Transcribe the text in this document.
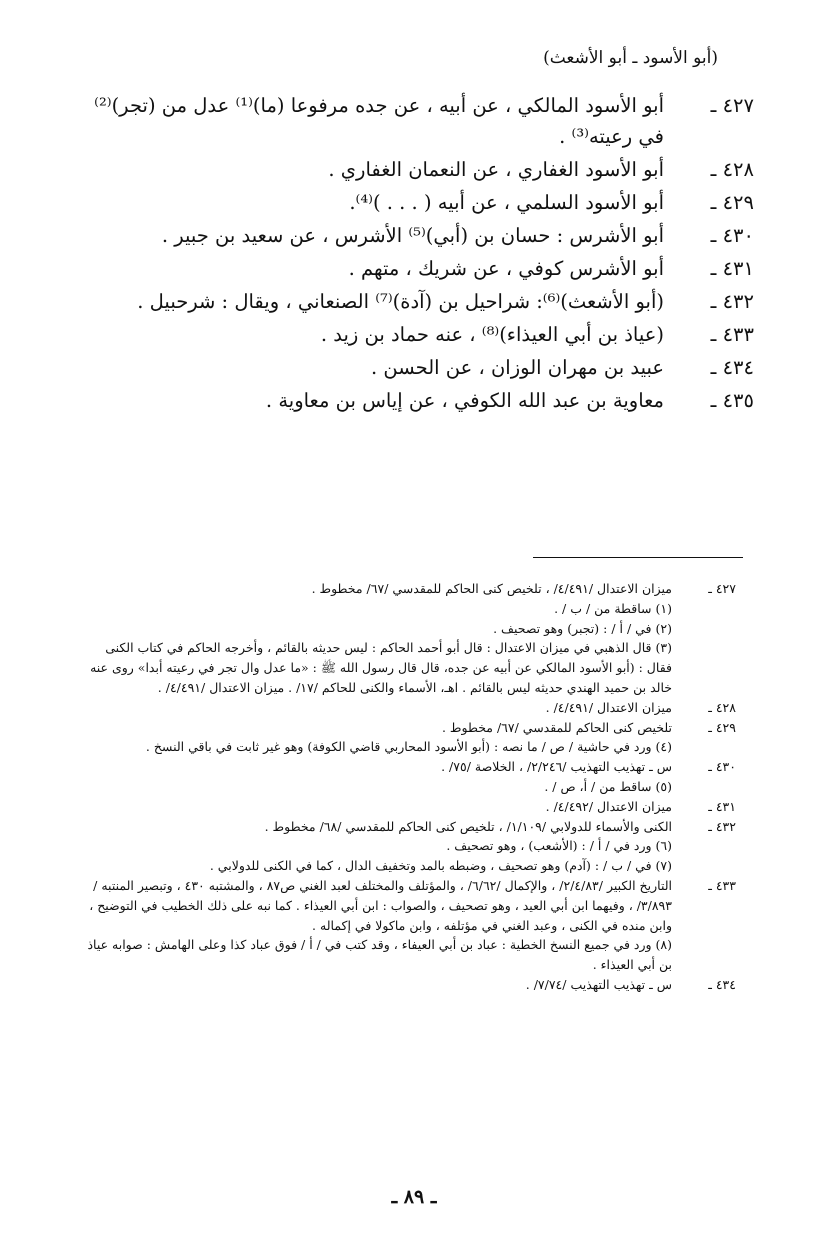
(أبو الأسود ـ أبو الأشعث)
٤٢٧ ـ
أبو الأسود المالكي ، عن أبيه ، عن جده مرفوعا (ما)⁽¹⁾ عدل من (تجر)⁽²⁾ في رعيته⁽³⁾ .
٤٢٨ ـ
أبو الأسود الغفاري ، عن النعمان الغفاري .
٤٢٩ ـ
أبو الأسود السلمي ، عن أبيه ( . . . )⁽⁴⁾.
٤٣٠ ـ
أبو الأشرس : حسان بن (أبي)⁽⁵⁾ الأشرس ، عن سعيد بن جبير .
٤٣١ ـ
أبو الأشرس كوفي ، عن شريك ، متهم .
٤٣٢ ـ
(أبو الأشعث)⁽⁶⁾: شراحيل بن (آدة)⁽⁷⁾ الصنعاني ، ويقال : شرحبيل .
٤٣٣ ـ
(عياذ بن أبي العيذاء)⁽⁸⁾ ، عنه حماد بن زيد .
٤٣٤ ـ
عبيد بن مهران الوزان ، عن الحسن .
٤٣٥ ـ
معاوية بن عبد الله الكوفي ، عن إياس بن معاوية .
٤٢٧ ـ
ميزان الاعتدال /٤/٤٩١/ ، تلخيص كنى الحاكم للمقدسي /٦٧/ مخطوط .
(١) ساقطة من / ب / .
(٢) في / أ / : (تجبر) وهو تصحيف .
(٣) قال الذهبي في ميزان الاعتدال : قال أبو أحمد الحاكم : ليس حديثه بالقائم ، وأخرجه الحاكم في كتاب الكنى فقال : (أبو الأسود المالكي عن أبيه عن جده، قال قال رسول الله ﷺ : «ما عدل وال تجر في رعيته أبدا» روى عنه خالد بن حميد الهندي حديثه ليس بالقائم . اهـ، الأسماء والكنى للحاكم /١٧/ . ميزان الاعتدال /٤/٤٩١/ .
٤٢٨ ـ
ميزان الاعتدال /٤/٤٩١/ .
٤٢٩ ـ
تلخيص كنى الحاكم للمقدسي /٦٧/ مخطوط .
(٤) ورد في حاشية / ص / ما نصه : (أبو الأسود المحاربي قاضي الكوفة) وهو غير ثابت في باقي النسخ .
٤٣٠ ـ
س ـ تهذيب التهذيب /٢/٢٤٦/ ، الخلاصة /٧٥/ .
(٥) ساقط من / أ، ص / .
٤٣١ ـ
ميزان الاعتدال /٤/٤٩٢/ .
٤٣٢ ـ
الكنى والأسماء للدولابي /١/١٠٩/ ، تلخيص كنى الحاكم للمقدسي /٦٨/ مخطوط .
(٦) ورد في / أ / : (الأشعب) ، وهو تصحيف .
(٧) في / ب / : (آدم) وهو تصحيف ، وضبطه بالمد وتخفيف الدال ، كما في الكنى للدولابي .
٤٣٣ ـ
التاريخ الكبير /٢/٤/٨٣/ ، والإكمال /٦/٦٢/ ، والمؤتلف والمختلف لعبد الغني ص٨٧ ، والمشتبه ٤٣٠ ، وتبصير المنتبه /٣/٨٩٣/ ، وفيهما ابن أبي العيد ، وهو تصحيف ، والصواب : ابن أبي العيذاء . كما نبه على ذلك الخطيب في التوضيح ، وابن منده في الكنى ، وعبد الغني في مؤتلفه ، وابن ماكولا في إكماله .
(٨) ورد في جميع النسخ الخطية : عباد بن أبي العيفاء ، وقد كتب في / أ / فوق عباد كذا وعلى الهامش : صوابه عياذ بن أبي العيذاء .
٤٣٤ ـ
س ـ تهذيب التهذيب /٧/٧٤/ .
ـ ٨٩ ـ
